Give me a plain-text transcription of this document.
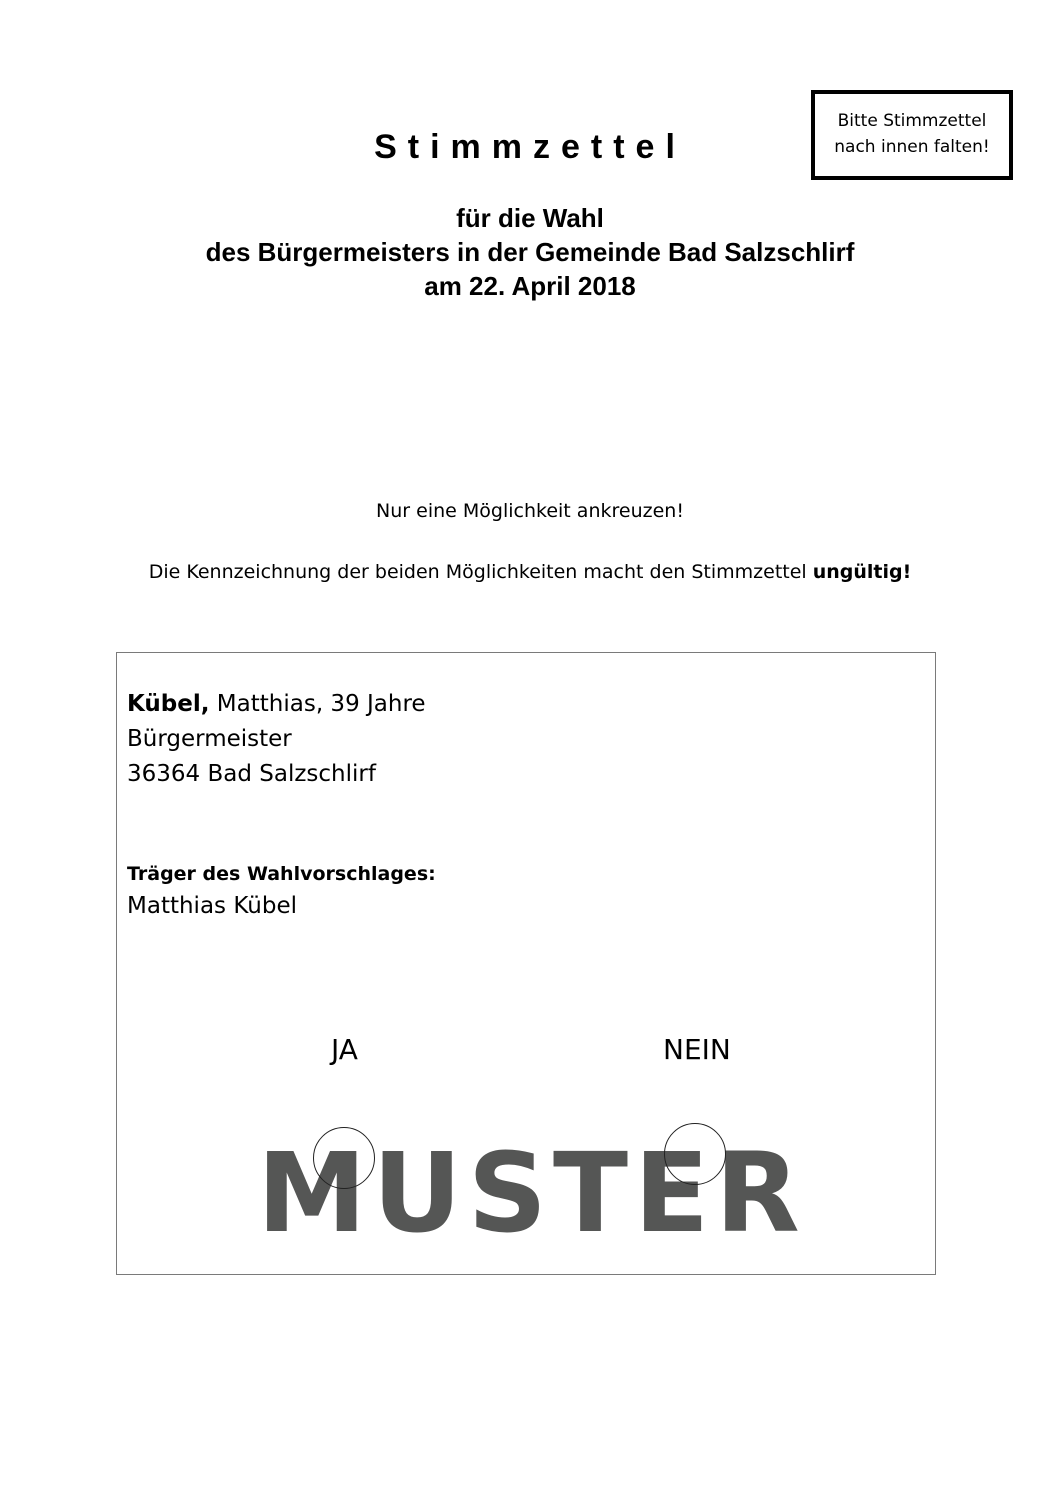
Bitte Stimmzettel
nach innen falten!
Stimmzettel
für die Wahl
des Bürgermeisters in der Gemeinde Bad Salzschlirf
am 22. April 2018
Nur eine Möglichkeit ankreuzen!
Die Kennzeichnung der beiden Möglichkeiten macht den Stimmzettel ungültig!
Kübel, Matthias, 39 Jahre
Bürgermeister
36364 Bad Salzschlirf
Träger des Wahlvorschlages:
Matthias Kübel
JA	NEIN
MUSTER
